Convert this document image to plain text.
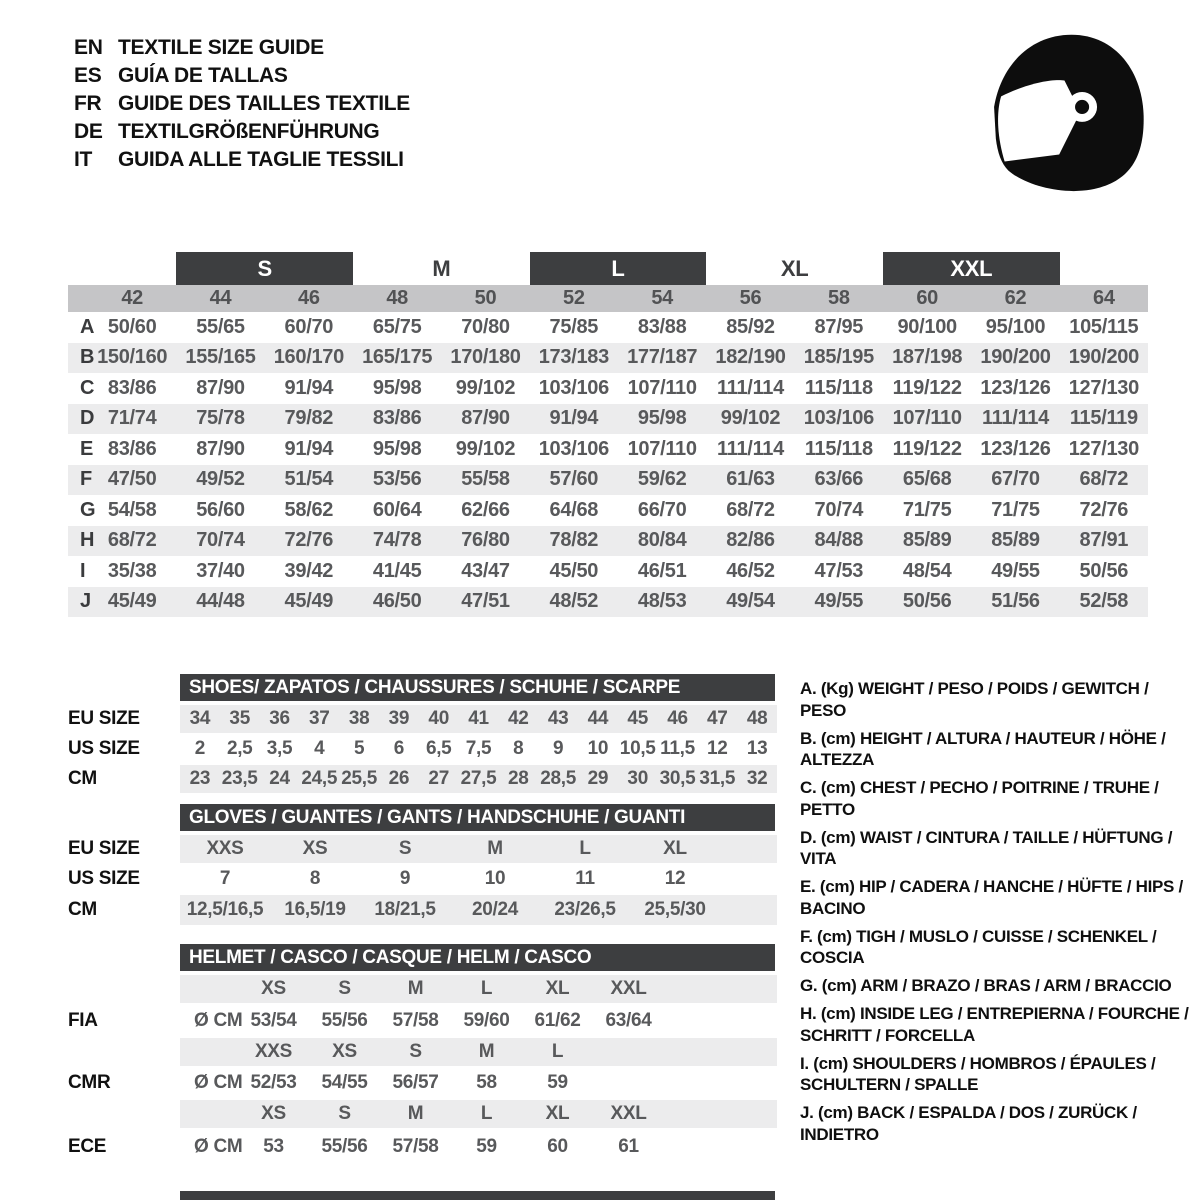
EN TEXTILE SIZE GUIDE
ES GUÍA DE TALLAS
FR GUIDE DES TAILLES TEXTILE
DE TEXTILGRÖßENFÜHRUNG
IT	GUIDA ALLE TAGLIE TESSILI
S	M	L	XL	XXL
42	44	46	48	50	52	54	56	58	60	62	64
A 50/60	55/65	60/70	65/75	70/80	75/85	83/88	85/92	87/95	90/100	95/100	105/115
B 150/160 155/165 160/170 165/175 170/180 173/183 177/187 182/190 185/195 187/198 190/200 190/200
C 83/86	87/90	91/94	95/98	99/102	103/106 107/110	111/114	115/118 119/122 123/126 127/130
D 71/74	75/78	79/82	83/86	87/90	91/94	95/98	99/102	103/106 107/110	111/114	115/119
E 83/86	87/90	91/94	95/98	99/102	103/106 107/110	111/114	115/118 119/122 123/126 127/130
F 47/50	49/52	51/54	53/56	55/58	57/60	59/62	61/63	63/66	65/68	67/70	68/72
G 54/58	56/60	58/62	60/64	62/66	64/68	66/70	68/72	70/74	71/75	71/75	72/76
H 68/72	70/74	72/76	74/78	76/80	78/82	80/84	82/86	84/88	85/89	85/89	87/91
I	35/38	37/40	39/42	41/45	43/47	45/50	46/51	46/52	47/53	48/54	49/55	50/56
J 45/49	44/48	45/49	46/50	47/51	48/52	48/53	49/54	49/55	50/56	51/56	52/58
SHOES/ ZAPATOS / CHAUSSURES / SCHUHE / SCARPE
GLOVES / GUANTES / GANTS / HANDSCHUHE / GUANTI
HELMET / CASCO / CASQUE / HELM / CASCO
EU SIZE	34	35	36	37	38	39	40	41	42	43	44	45	46	47	48
US SIZE	2	2,5 3,5	4	5	6	6,5 7,5	8	9	10 10,5 11,5 12	13
CM	23 23,5 24 24,5 25,5 26	27 27,5 28 28,5 29	30 30,5 31,5 32
EU SIZE	XXS	XS	S	M	L	XL
US SIZE	7	8	9	10	11	12
CM	12,5/16,5	16,5/19	18/21,5	20/24	23/26,5	25,5/30
XS	S	M	L	XL	XXL
FIA	Ø CM 53/54	55/56	57/58	59/60	61/62	63/64
XXS	XS	S	M	L
CMR	Ø CM 52/53	54/55	56/57	58	59
XS	S	M	L	XL	XXL
ECE	Ø CM	53	55/56	57/58	59	60	61
A. (Kg) WEIGHT / PESO / POIDS / GEWITCH / PESO
B. (cm) HEIGHT / ALTURA / HAUTEUR / HÖHE / ALTEZZA
C. (cm) CHEST / PECHO / POITRINE / TRUHE / PETTO
D. (cm) WAIST / CINTURA / TAILLE / HÜFTUNG / VITA
E. (cm) HIP / CADERA / HANCHE / HÜFTE / HIPS / BACINO
F. (cm) TIGH / MUSLO / CUISSE / SCHENKEL / COSCIA
G. (cm) ARM / BRAZO / BRAS / ARM / BRACCIO
H. (cm) INSIDE LEG / ENTREPIERNA / FOURCHE / SCHRITT / FORCELLA
I. (cm) SHOULDERS / HOMBROS / ÉPAULES / SCHULTERN / SPALLE
J. (cm) BACK / ESPALDA / DOS / ZURÜCK / INDIETRO
